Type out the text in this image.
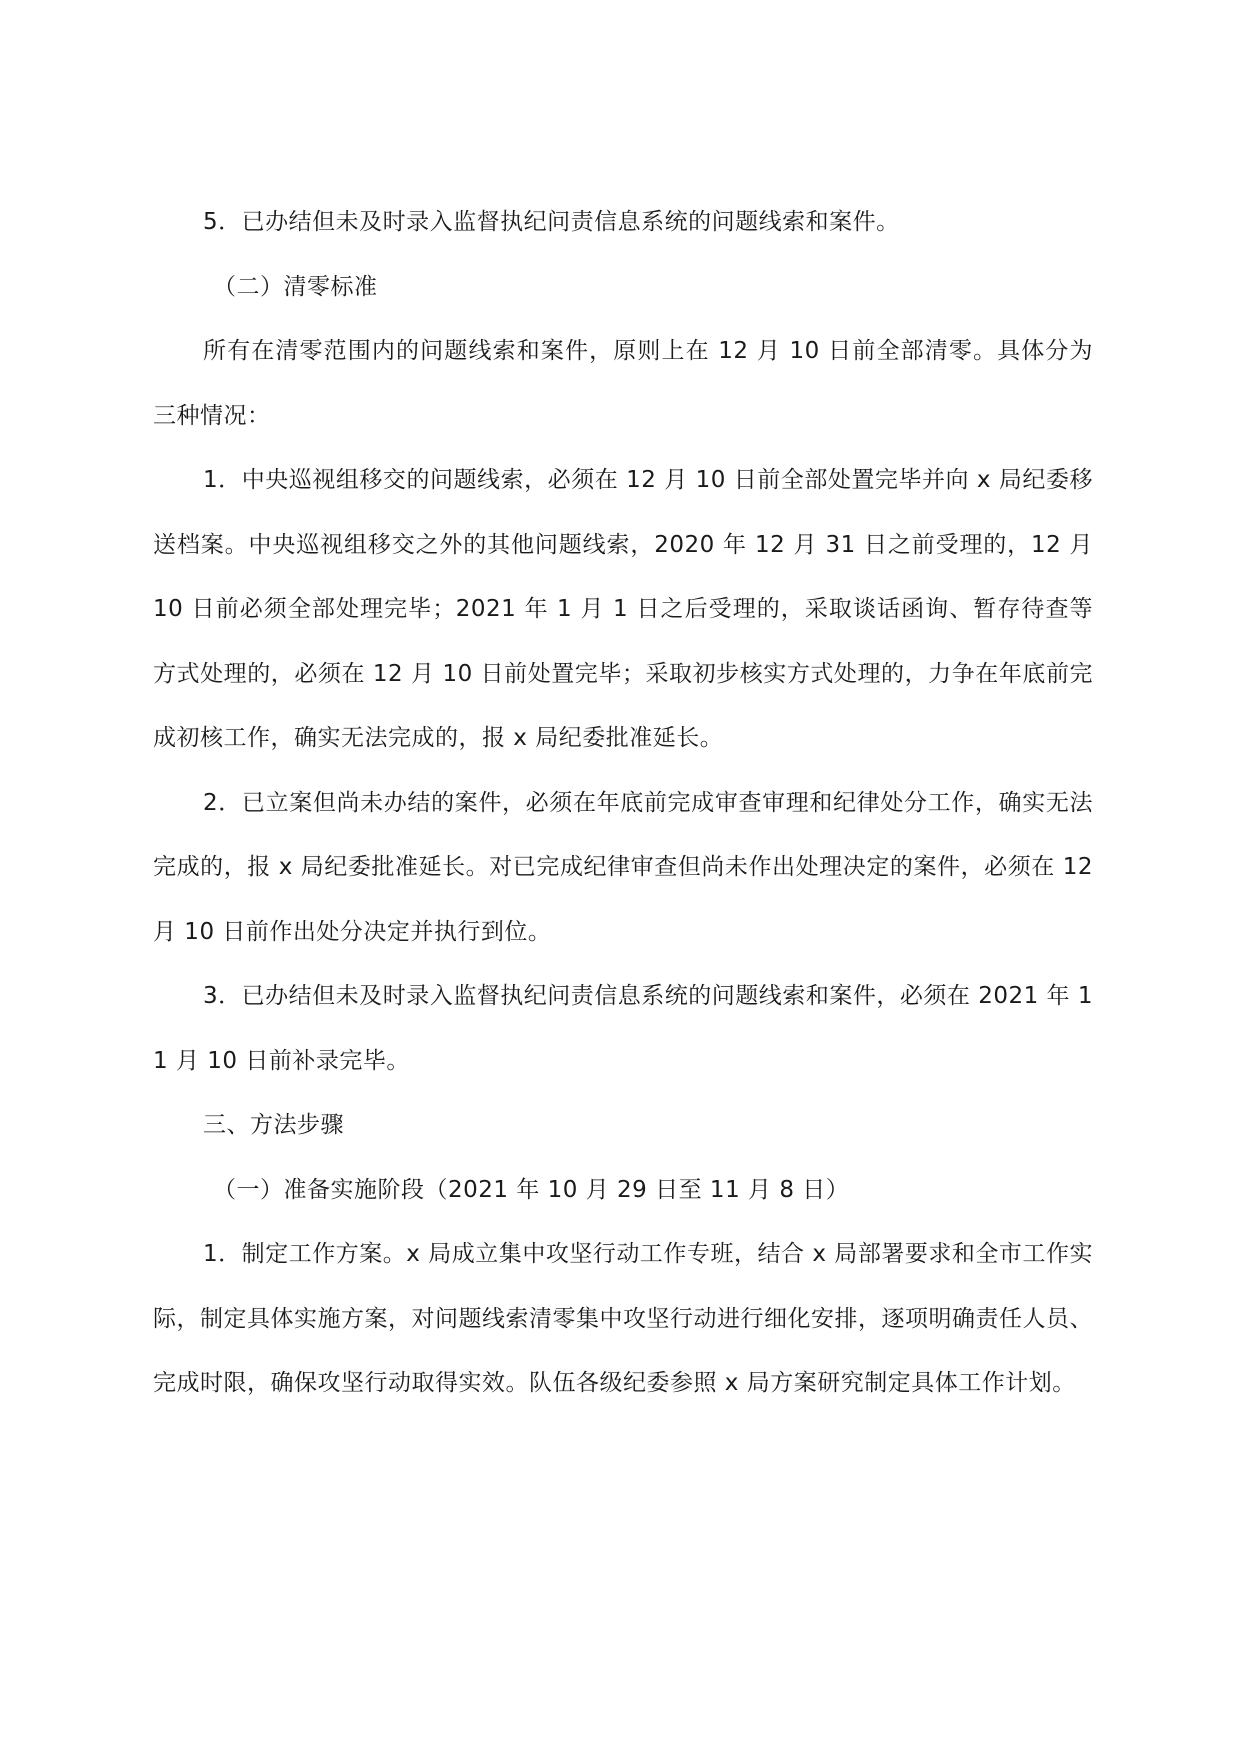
5．已办结但未及时录入监督执纪问责信息系统的问题线索和案件。

（二）清零标准

所有在清零范围内的问题线索和案件，原则上在 12 月 10 日前全部清零。具体分为三种情况：

1．中央巡视组移交的问题线索，必须在 12 月 10 日前全部处置完毕并向 x 局纪委移送档案。中央巡视组移交之外的其他问题线索，2020 年 12 月 31 日之前受理的，12 月 10 日前必须全部处理完毕；2021 年 1 月 1 日之后受理的，采取谈话函询、暂存待查等方式处理的，必须在 12 月 10 日前处置完毕；采取初步核实方式处理的，力争在年底前完成初核工作，确实无法完成的，报 x 局纪委批准延长。

2．已立案但尚未办结的案件，必须在年底前完成审查审理和纪律处分工作，确实无法完成的，报 x 局纪委批准延长。对已完成纪律审查但尚未作出处理决定的案件，必须在 12 月 10 日前作出处分决定并执行到位。

3．已办结但未及时录入监督执纪问责信息系统的问题线索和案件，必须在 2021 年 11 月 10 日前补录完毕。

三、方法步骤

（一）准备实施阶段（2021 年 10 月 29 日至 11 月 8 日）

1．制定工作方案。x 局成立集中攻坚行动工作专班，结合 x 局部署要求和全市工作实际，制定具体实施方案，对问题线索清零集中攻坚行动进行细化安排，逐项明确责任人员、完成时限，确保攻坚行动取得实效。队伍各级纪委参照 x 局方案研究制定具体工作计划。
